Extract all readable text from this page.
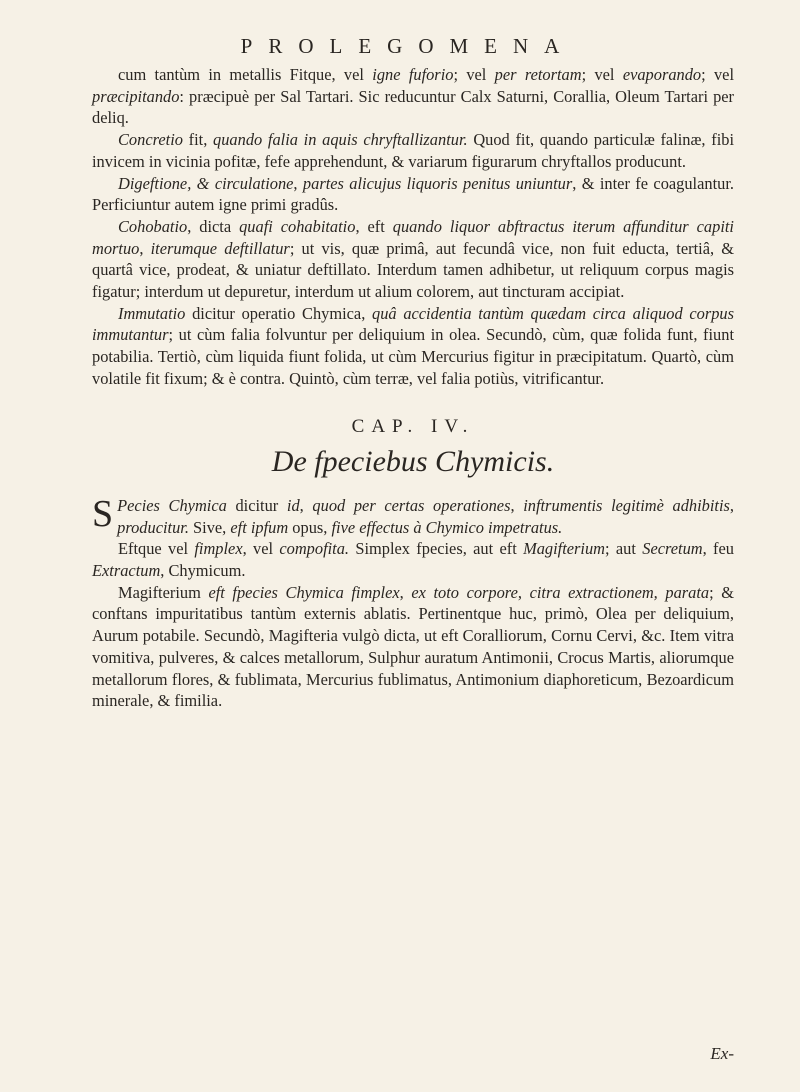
PROLEGOMENA

cum tantùm in metallis Fitque, vel igne fuforio; vel per retortam; vel evaporando; vel præcipitando: præcipuè per Sal Tartari. Sic reducuntur Calx Saturni, Corallia, Oleum Tartari per deliq.

Concretio fit, quando falia in aquis chryftallizantur. Quod fit, quando particulæ falinæ, fibi invicem in vicinia pofitæ, fefe apprehendunt, & variarum figurarum chryftallos producunt.

Digeftione, & circulatione, partes alicujus liquoris penitus uniuntur, & inter fe coagulantur. Perficiuntur autem igne primi gradûs.

Cohobatio, dicta quafi cohabitatio, eft quando liquor abftractus iterum affunditur capiti mortuo, iterumque deftillatur; ut vis, quæ primâ, aut fecundâ vice, non fuit educta, tertiâ, & quartâ vice, prodeat, & uniatur deftillato. Interdum tamen adhibetur, ut reliquum corpus magis figatur; interdum ut depuretur, interdum ut alium colorem, aut tincturam accipiat.

Immutatio dicitur operatio Chymica, quâ accidentia tantùm quædam circa aliquod corpus immutantur; ut cùm falia folvuntur per deliquium in olea. Secundò, cùm, quæ folida funt, fiunt potabilia. Tertiò, cùm liquida fiunt folida, ut cùm Mercurius figitur in præcipitatum. Quartò, cùm volatile fit fixum; & è contra. Quintò, cùm terræ, vel falia potiùs, vitrificantur.

CAP. IV.
De fpeciebus Chymicis.

S Pecies Chymica dicitur id, quod per certas operationes, inftrumentis legitimè adhibitis, producitur. Sive, eft ipfum opus, five effectus à Chymico impetratus.

Eftque vel fimplex, vel compofita. Simplex fpecies, aut eft Magifterium; aut Secretum, feu Extractum, Chymicum.

Magifterium eft fpecies Chymica fimplex, ex toto corpore, citra extractionem, parata; & conftans impuritatibus tantùm externis ablatis. Pertinentque huc, primò, Olea per deliquium, Aurum potabile. Secundò, Magifteria vulgò dicta, ut eft Coralliorum, Cornu Cervi, &c. Item vitra vomitiva, pulveres, & calces metallorum, Sulphur auratum Antimonii, Crocus Martis, aliorumque metallorum flores, & fublimata, Mercurius fublimatus, Antimonium diaphoreticum, Bezoardicum minerale, & fimilia.

Ex-
